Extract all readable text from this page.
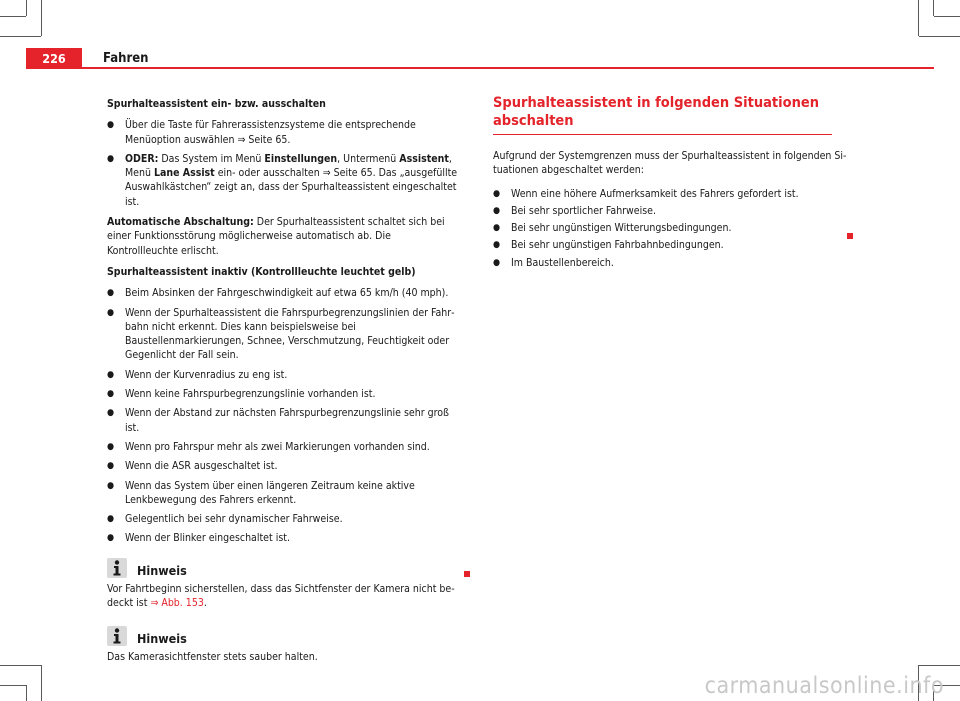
226	Fahren

Spurhalteassistent ein- bzw. ausschalten

●	Über die Taste für Fahrerassistenzsysteme die entsprechende Menüoption auswählen ⇒ Seite 65.
●	ODER: Das System im Menü Einstellungen, Untermenü Assistent, Menü Lane Assist ein- oder ausschalten ⇒ Seite 65. Das „ausgefüllte Auswahlkästchen“ zeigt an, dass der Spurhalteassistent eingeschaltet ist.

Automatische Abschaltung: Der Spurhalteassistent schaltet sich bei einer Funktionsstörung möglicherweise automatisch ab. Die Kontrollleuchte erlischt.

Spurhalteassistent inaktiv (Kontrollleuchte leuchtet gelb)

●	Beim Absinken der Fahrgeschwindigkeit auf etwa 65 km/h (40 mph).
●	Wenn der Spurhalteassistent die Fahrspurbegrenzungslinien der Fahrbahn nicht erkennt. Dies kann beispielsweise bei Baustellenmarkierungen, Schnee, Verschmutzung, Feuchtigkeit oder Gegenlicht der Fall sein.
●	Wenn der Kurvenradius zu eng ist.
●	Wenn keine Fahrspurbegrenzungslinie vorhanden ist.
●	Wenn der Abstand zur nächsten Fahrspurbegrenzungslinie sehr groß ist.
●	Wenn pro Fahrspur mehr als zwei Markierungen vorhanden sind.
●	Wenn die ASR ausgeschaltet ist.
●	Wenn das System über einen längeren Zeitraum keine aktive Lenkbewegung des Fahrers erkennt.
●	Gelegentlich bei sehr dynamischer Fahrweise.
●	Wenn der Blinker eingeschaltet ist.
Hinweis

Vor Fahrtbeginn sicherstellen, dass das Sichtfenster der Kamera nicht bedeckt ist ⇒ Abb. 153.

Hinweis

Das Kamerasichtfenster stets sauber halten.

Spurhalteassistent in folgenden Situationen abschalten

Aufgrund der Systemgrenzen muss der Spurhalteassistent in folgenden Situationen abgeschaltet werden:

●	Wenn eine höhere Aufmerksamkeit des Fahrers gefordert ist.
●	Bei sehr sportlicher Fahrweise.
●	Bei sehr ungünstigen Witterungsbedingungen.
●	Bei sehr ungünstigen Fahrbahnbedingungen.
●	Im Baustellenbereich.
carmanualsonline.info
